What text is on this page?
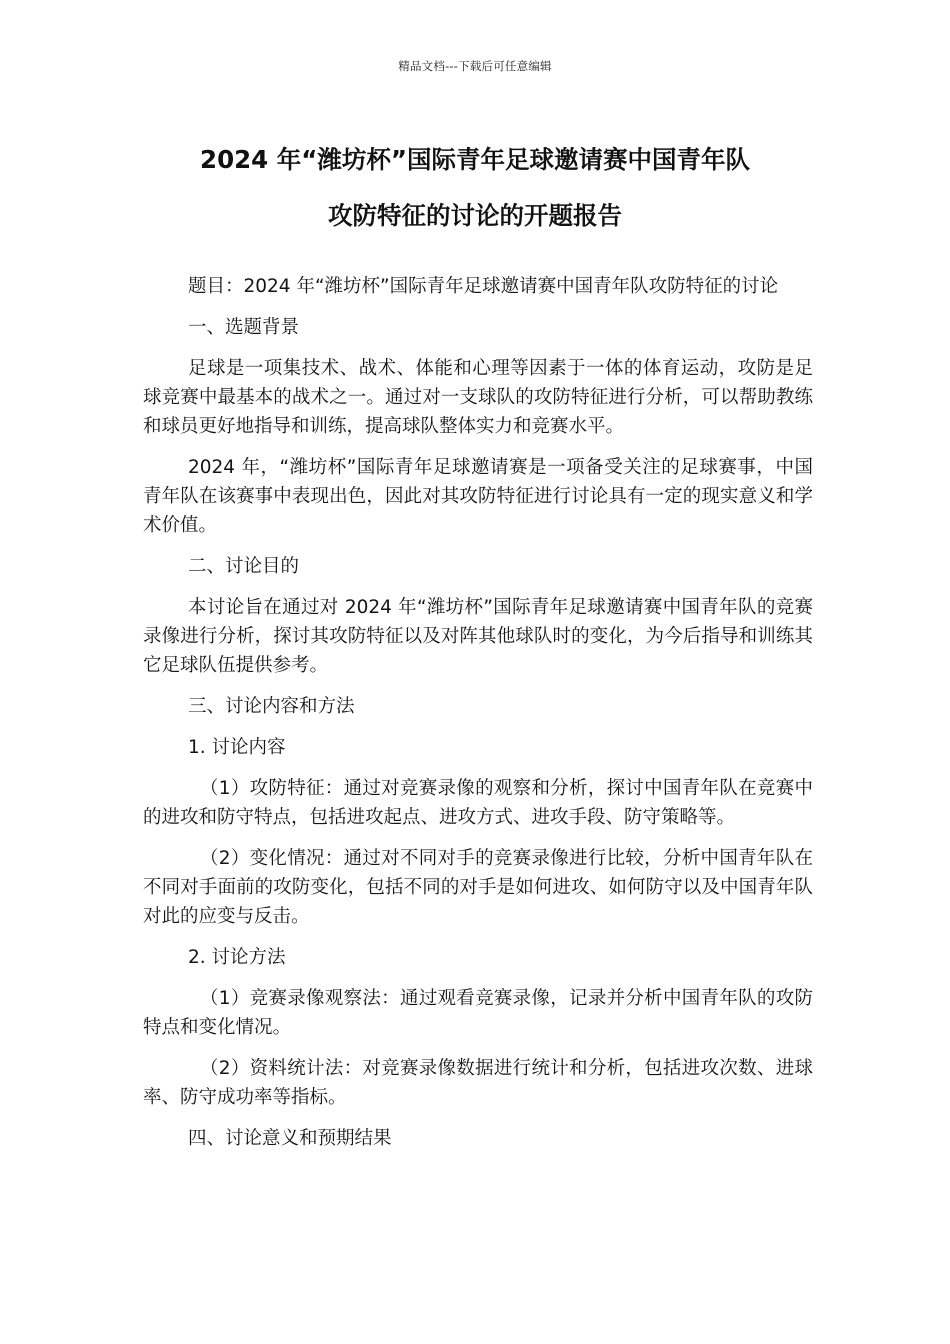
精品文档---下载后可任意编辑
2024 年“潍坊杯”国际青年足球邀请赛中国青年队
攻防特征的讨论的开题报告

题目：2024 年“潍坊杯”国际青年足球邀请赛中国青年队攻防特征的讨论

一、选题背景

足球是一项集技术、战术、体能和心理等因素于一体的体育运动，攻防是足球竞赛中最基本的战术之一。通过对一支球队的攻防特征进行分析，可以帮助教练和球员更好地指导和训练，提高球队整体实力和竞赛水平。

2024 年，“潍坊杯”国际青年足球邀请赛是一项备受关注的足球赛事，中国青年队在该赛事中表现出色，因此对其攻防特征进行讨论具有一定的现实意义和学术价值。

二、讨论目的

本讨论旨在通过对 2024 年“潍坊杯”国际青年足球邀请赛中国青年队的竞赛录像进行分析，探讨其攻防特征以及对阵其他球队时的变化，为今后指导和训练其它足球队伍提供参考。

三、讨论内容和方法

1. 讨论内容

（1）攻防特征：通过对竞赛录像的观察和分析，探讨中国青年队在竞赛中的进攻和防守特点，包括进攻起点、进攻方式、进攻手段、防守策略等。

（2）变化情况：通过对不同对手的竞赛录像进行比较，分析中国青年队在不同对手面前的攻防变化，包括不同的对手是如何进攻、如何防守以及中国青年队对此的应变与反击。

2. 讨论方法

（1）竞赛录像观察法：通过观看竞赛录像，记录并分析中国青年队的攻防特点和变化情况。

（2）资料统计法：对竞赛录像数据进行统计和分析，包括进攻次数、进球率、防守成功率等指标。

四、讨论意义和预期结果
